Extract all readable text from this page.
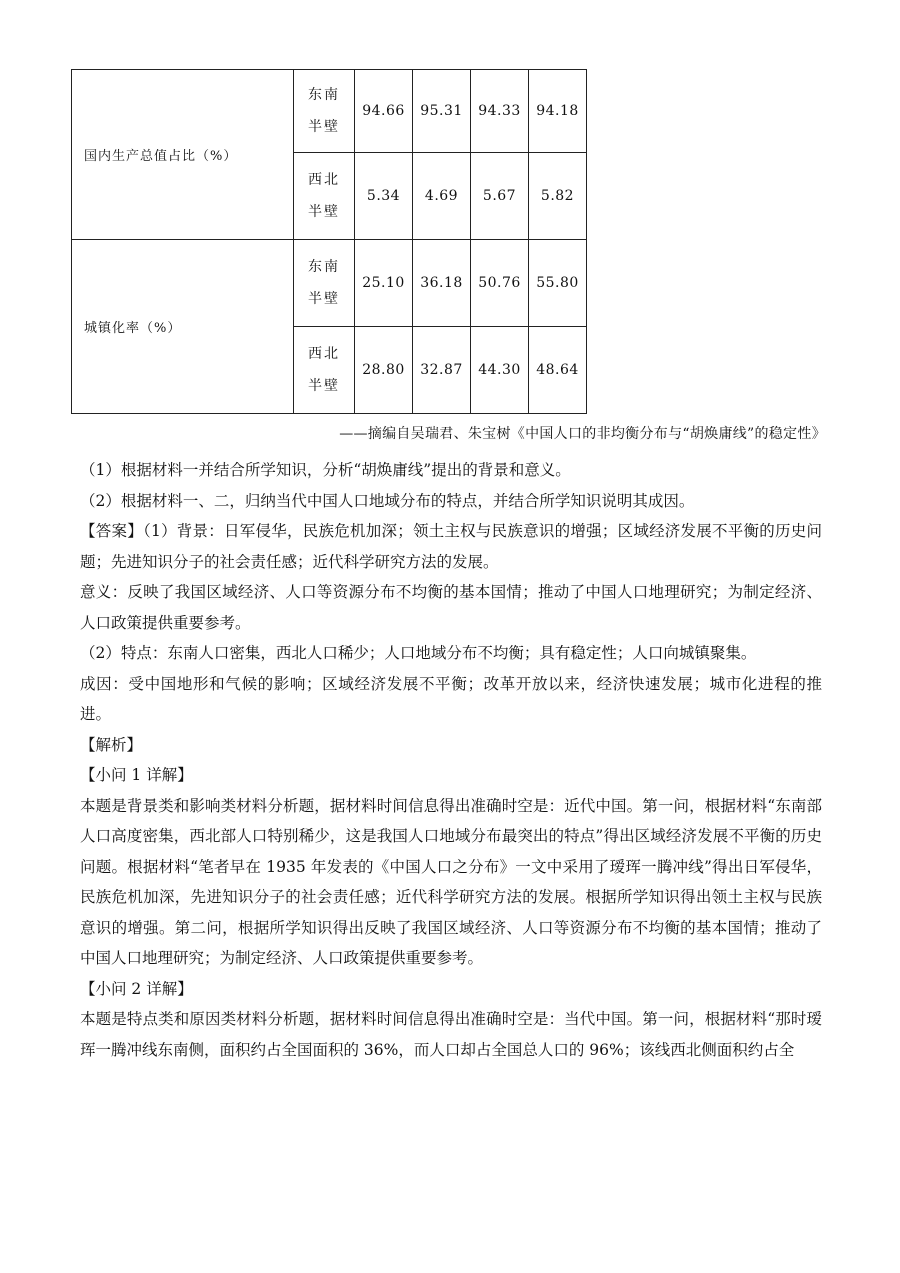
国内生产总值占比（%）	东南
半壁	94.66	95.31	94.33	94.18

	西北
半壁	5.34	4.69	5.67	5.82
城镇化率（%）	东南
半壁	25.10	36.18	50.76	55.80

	西北
半壁	28.80	32.87	44.30	48.64
——摘编自吴瑞君、朱宝树《中国人口的非均衡分布与“胡焕庸线”的稳定性》

（1）根据材料一并结合所学知识，分析“胡焕庸线”提出的背景和意义。

（2）根据材料一、二，归纳当代中国人口地域分布的特点，并结合所学知识说明其成因。

【答案】（1）背景：日军侵华，民族危机加深；领土主权与民族意识的增强；区域经济发展不平衡的历史问题；先进知识分子的社会责任感；近代科学研究方法的发展。

意义：反映了我国区域经济、人口等资源分布不均衡的基本国情；推动了中国人口地理研究；为制定经济、人口政策提供重要参考。

（2）特点：东南人口密集，西北人口稀少；人口地域分布不均衡；具有稳定性；人口向城镇聚集。

成因：受中国地形和气候的影响；区域经济发展不平衡；改革开放以来，经济快速发展；城市化进程的推进。

【解析】

【小问 1 详解】

本题是背景类和影响类材料分析题，据材料时间信息得出准确时空是：近代中国。第一问，根据材料“东南部人口高度密集，西北部人口特别稀少，这是我国人口地域分布最突出的特点”得出区域经济发展不平衡的历史问题。根据材料“笔者早在 1935 年发表的《中国人口之分布》一文中采用了瑷珲一腾冲线”得出日军侵华，民族危机加深，先进知识分子的社会责任感；近代科学研究方法的发展。根据所学知识得出领土主权与民族意识的增强。第二问，根据所学知识得出反映了我国区域经济、人口等资源分布不均衡的基本国情；推动了中国人口地理研究；为制定经济、人口政策提供重要参考。

【小问 2 详解】

本题是特点类和原因类材料分析题，据材料时间信息得出准确时空是：当代中国。第一问，根据材料“那时瑷珲一腾冲线东南侧，面积约占全国面积的 36%，而人口却占全国总人口的 96%；该线西北侧面积约占全
